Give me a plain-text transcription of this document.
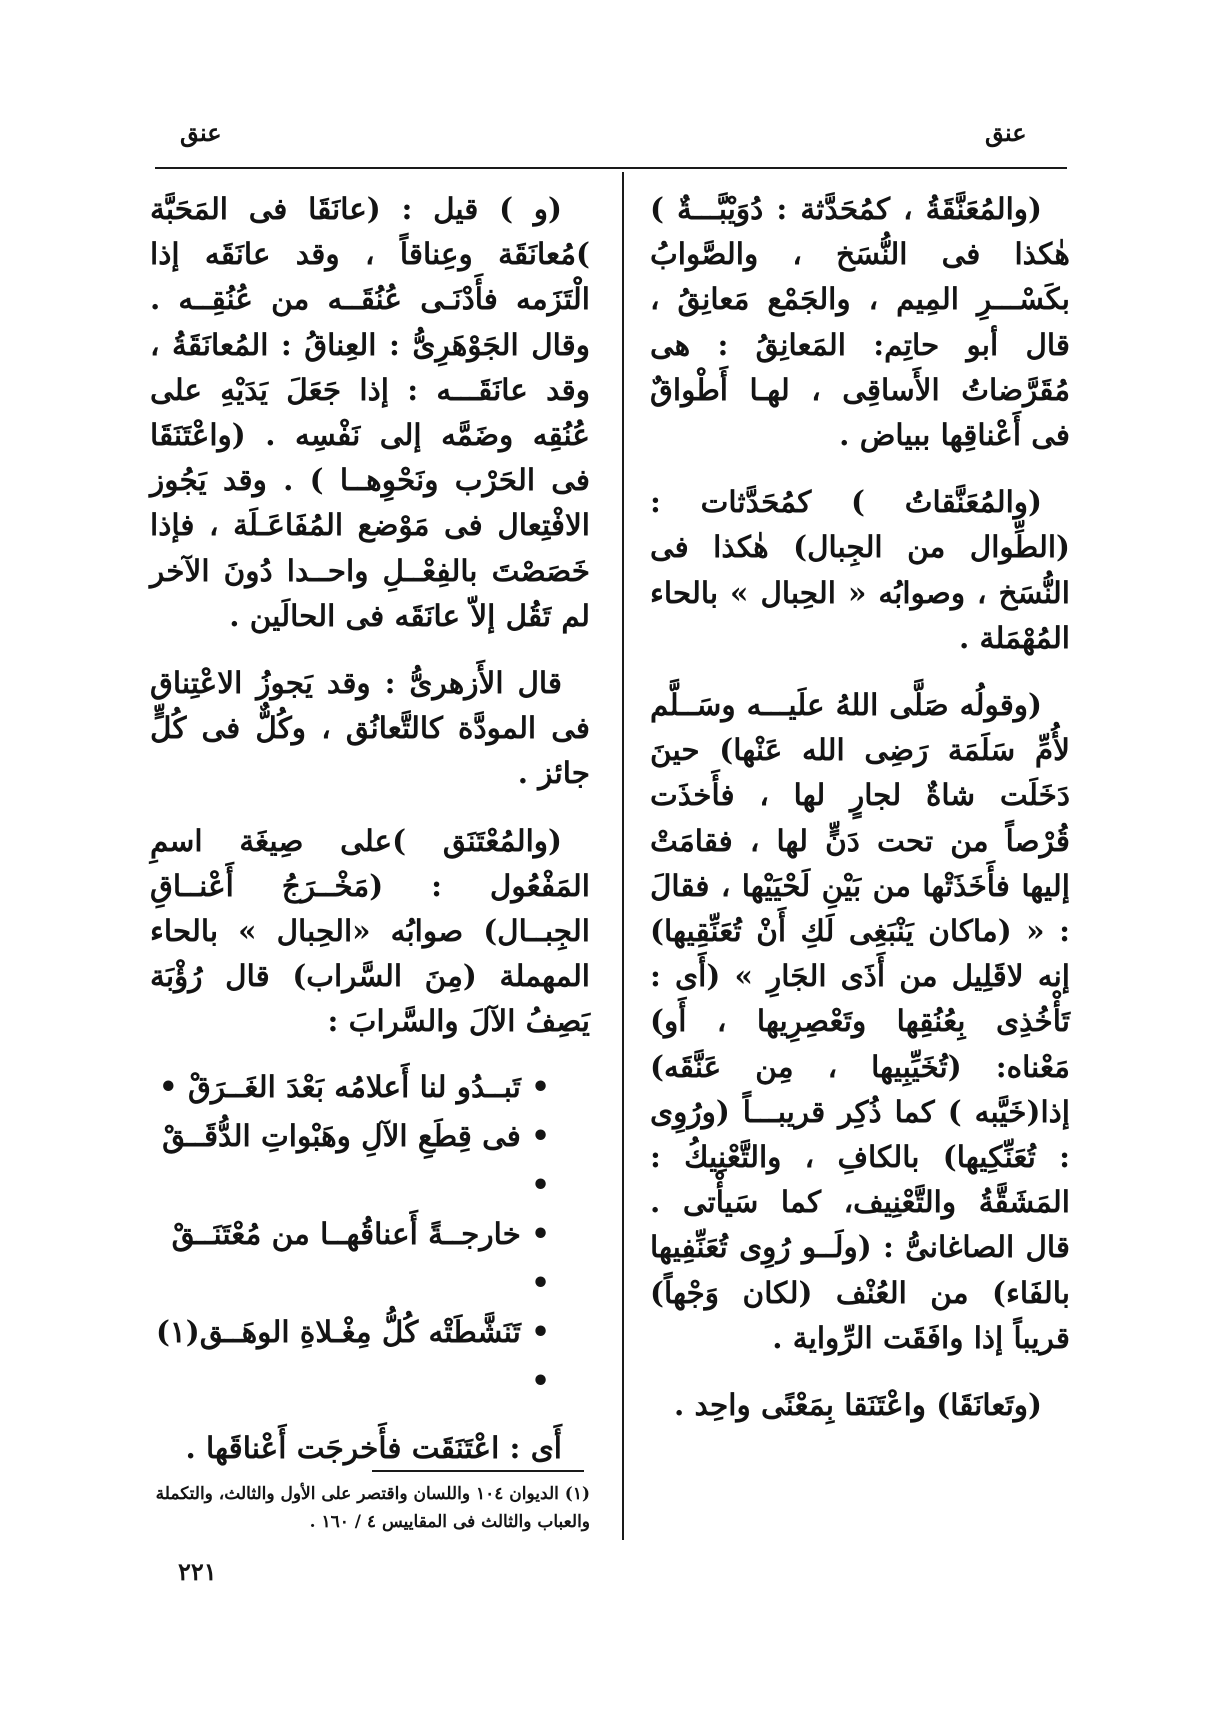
عنق
عنق

(والمُعَنَّقَةُ ، كمُحَدَّثة : دُوَيْبَّـــةٌ ) هٰكذا فى النُّسَخ ، والصَّوابُ بكَسْـــرِ المِيم ، والجَمْع مَعانِقُ ، قال أبو حاتِم: المَعانِقُ : هى مُقَرَّضاتُ الأَساقِى ، لهـا أَطْواقٌ فى أَعْناقِها ببياض .

(والمُعَنَّقاتُ ) كمُحَدَّثات : (الطِّوال من الجِبال) هٰكذا فى النُّسَخ ، وصوابُه « الحِبال » بالحاء المُهْمَلة .

(وقولُه صَلَّى اللهُ علَيـــه وسَــلَّم لأُمِّ سَلَمَة رَضِى الله عَنْها) حينَ دَخَلَت شاةٌ لجارٍ لها ، فأَخذَت قُرْصاً من تحت دَنٍّ لها ، فقامَتْ إليها فأَخَذَتْها من بَيْنِ لَحْيَيْها ، فقالَ : « (ماكان يَنْبَغِى لَكِ أَنْ تُعَنِّقِيها) إنه لاقَلِيل من أَذَى الجَارِ » (أَى : تَأْخُذِى بِعُنُقِها وتَعْصِرِيها ، أَو) مَعْناه: (تُخَيِّبِيها ، مِن عَنَّقَه) إذا(خَيَّبه ) كما ذُكِر قريبـــاً (ورُوِى : تُعَنِّكِيها) بالكافِ ، والتَّعْنِيكُ : المَشَقَّةُ والتَّعْنِيف، كما سَيأْتى . قال الصاغانىُّ : (ولَــو رُوِى تُعَنِّفِيها بالفَاء) من العُنْف (لكان وَجْهاً) قريباً إذا وافَقَت الرِّواية .

(وتَعانَقَا) واعْتَنَقا بِمَعْنًى واحِد .

(و ) قيل : (عانَقَا فى المَحَبَّة )مُعانَقَة وعِناقاً ، وقد عانَقَه إذا الْتَزَمه فأَدْنَـى عُنُقَــه من عُنُقِــه . وقال الجَوْهَرِىُّ : العِناقُ : المُعانَقَةُ ، وقد عانَقَـــه : إذا جَعَلَ يَدَيْهِ على عُنُقِه وضَمَّه إلى نَفْسِه . (واعْتَنَقَا فى الحَرْب ونَحْوِهــا ) . وقد يَجُوز الافْتِعال فى مَوْضع المُفَاعَـلَة ، فإذا خَصَصْتَ بالفِعْــلِ واحــدا دُونَ الآخر لم تَقُل إلاّ عانَقَه فى الحالَين .

قال الأَزهرىُّ : وقد يَجوزُ الاعْتِناق فى المودَّة كالتَّعانُق ، وكُلٌّ فى كُلٍّ جائز .

(والمُعْتَنَق )على صِيغَة اسمِ المَفْعُول : (مَخْــرَجُ أَعْنــاقِ الجِبــال) صوابُه «الحِبال » بالحاء المهملة (مِنَ السَّراب) قال رُؤْبَة يَصِفُ الآلَ والسَّرابَ :

• تَبــدُو لنا أَعلامُه بَعْدَ الغَــرَقْ •
• فى قِطَعِ الآلِ وهَبْواتِ الدُّقَــقْ •
• خارجــةً أَعناقُهــا من مُعْتَنَــقْ •
• تَنَشَّطَتْه كُلُّ مِغْـلاةِ الوهَــق(١) •

أَى : اعْتَنَقَت فأَخرجَت أَعْناقَها .

(١) الديوان ١٠٤ واللسان واقتصر على الأول والثالث، والتكملة والعباب والثالث فى المقاييس ٤ / ١٦٠ .
٢٢١
